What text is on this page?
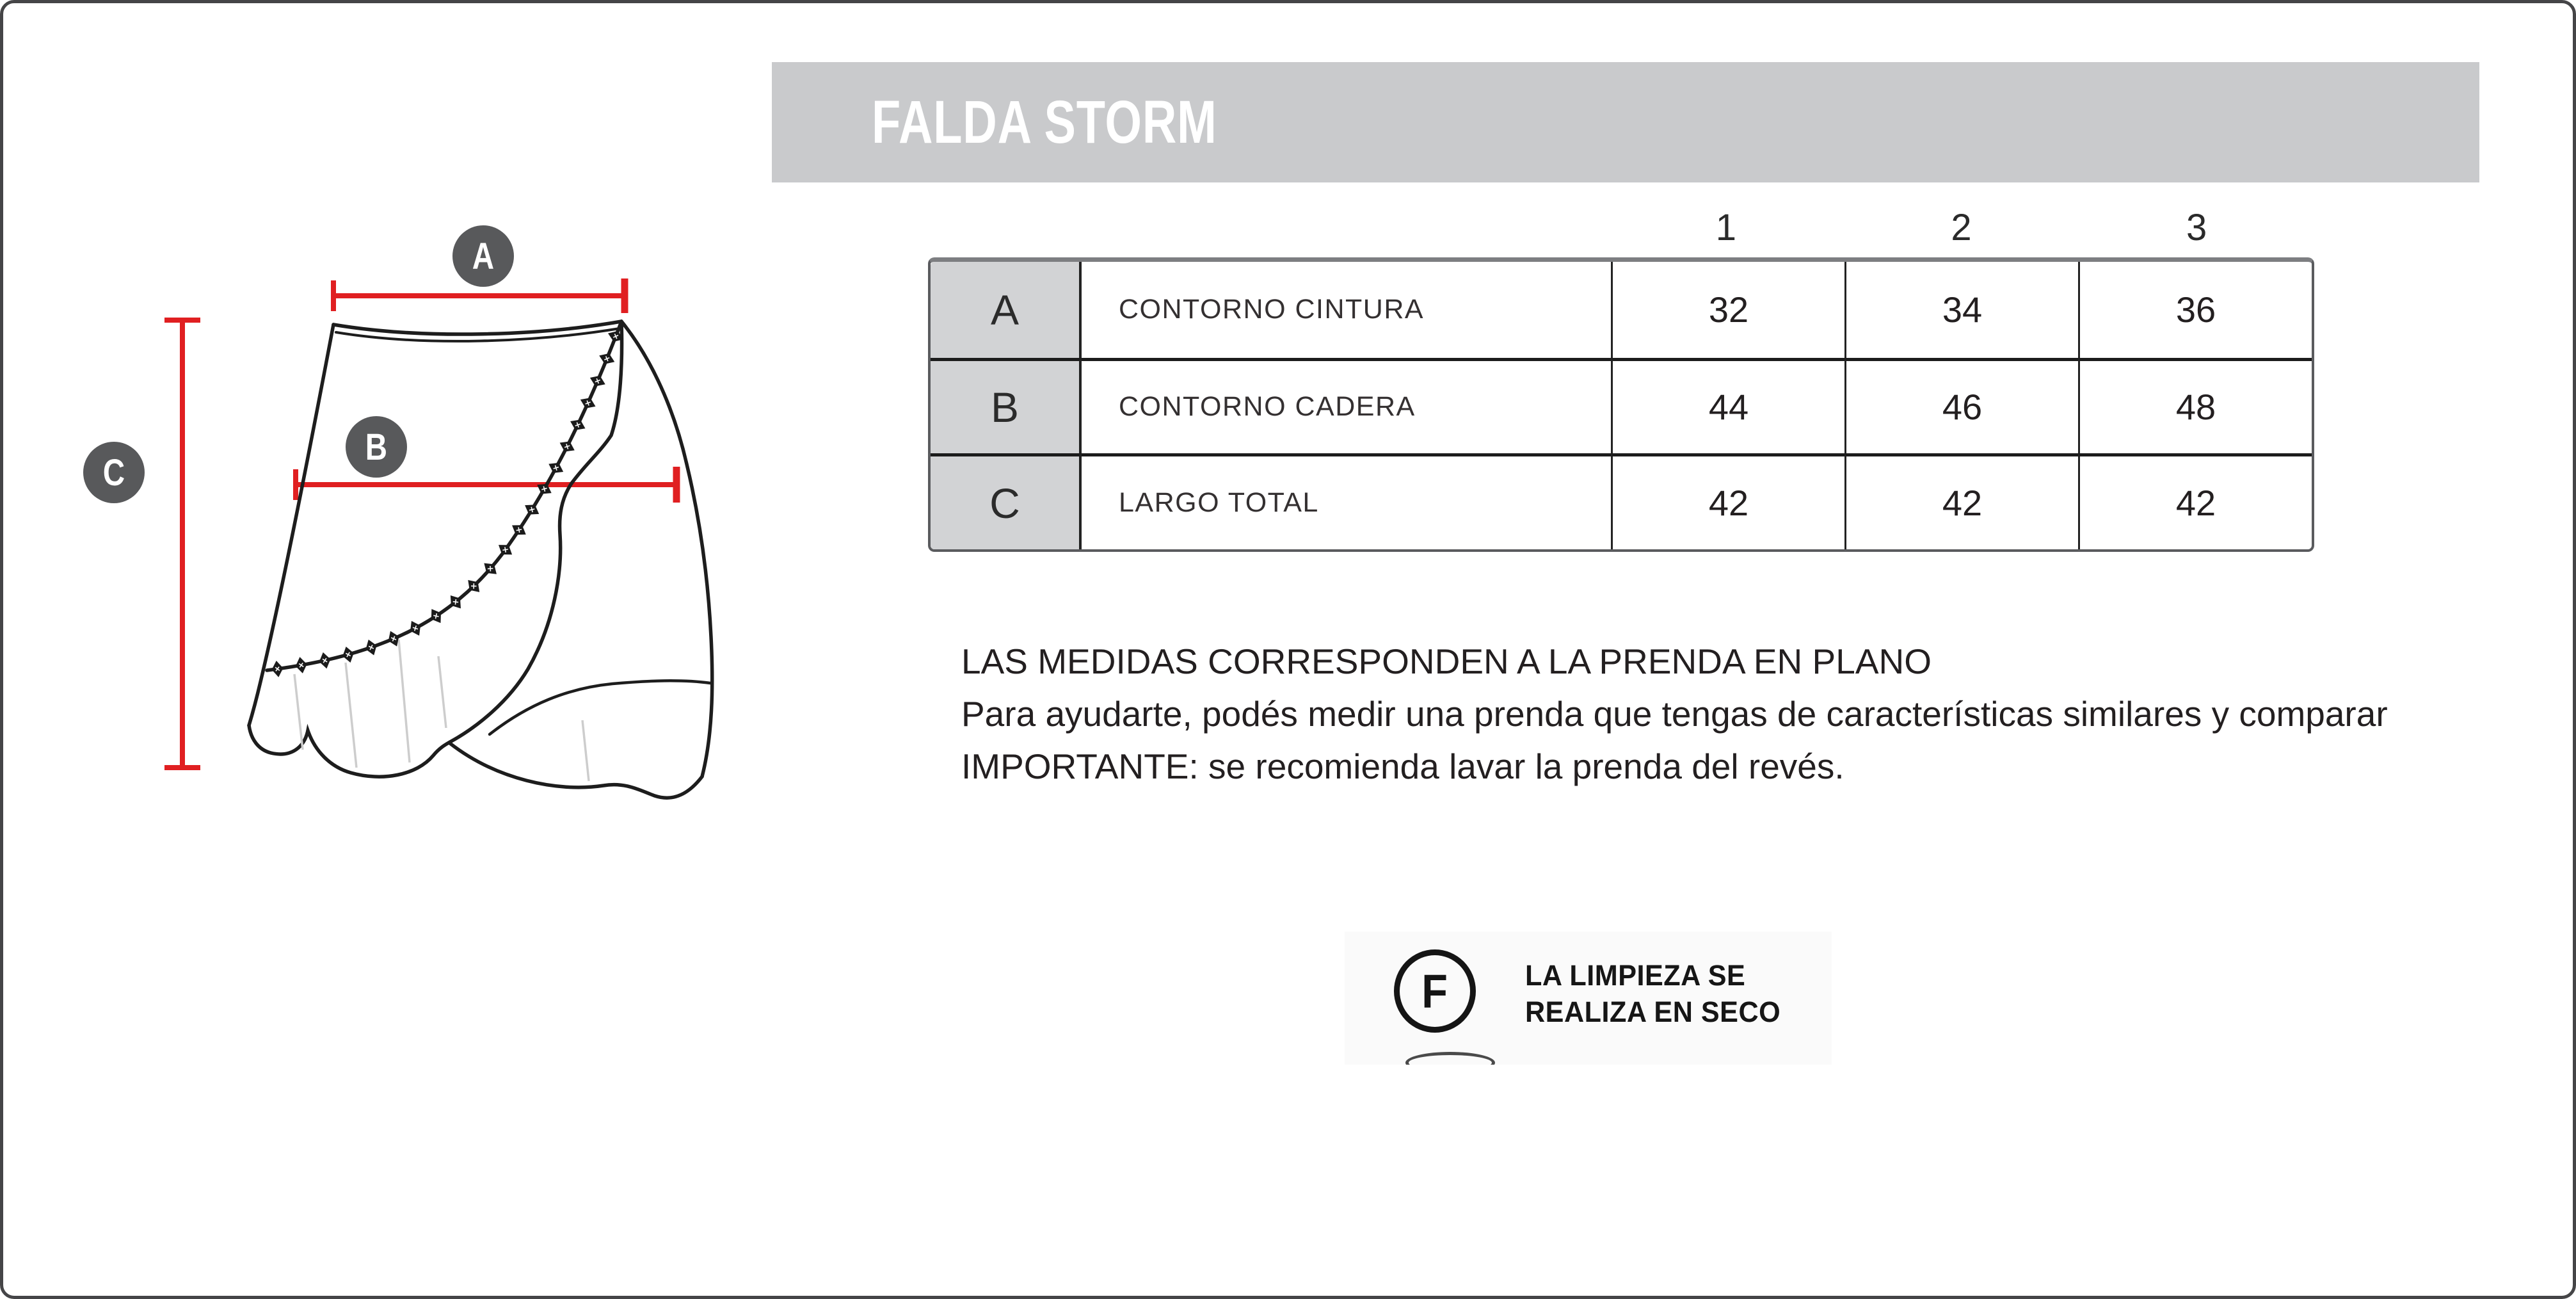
FALDA STORM
A
B
C
1	2	3
A	CONTORNO CINTURA	32	34	36
B	CONTORNO CADERA	44	46	48
C	LARGO TOTAL	42	42	42
LAS MEDIDAS CORRESPONDEN A LA PRENDA EN PLANO
Para ayudarte, podés medir una prenda que tengas de características similares y comparar
IMPORTANTE: se recomienda lavar la prenda del revés.
F	LA LIMPIEZA SE
REALIZA EN SECO
